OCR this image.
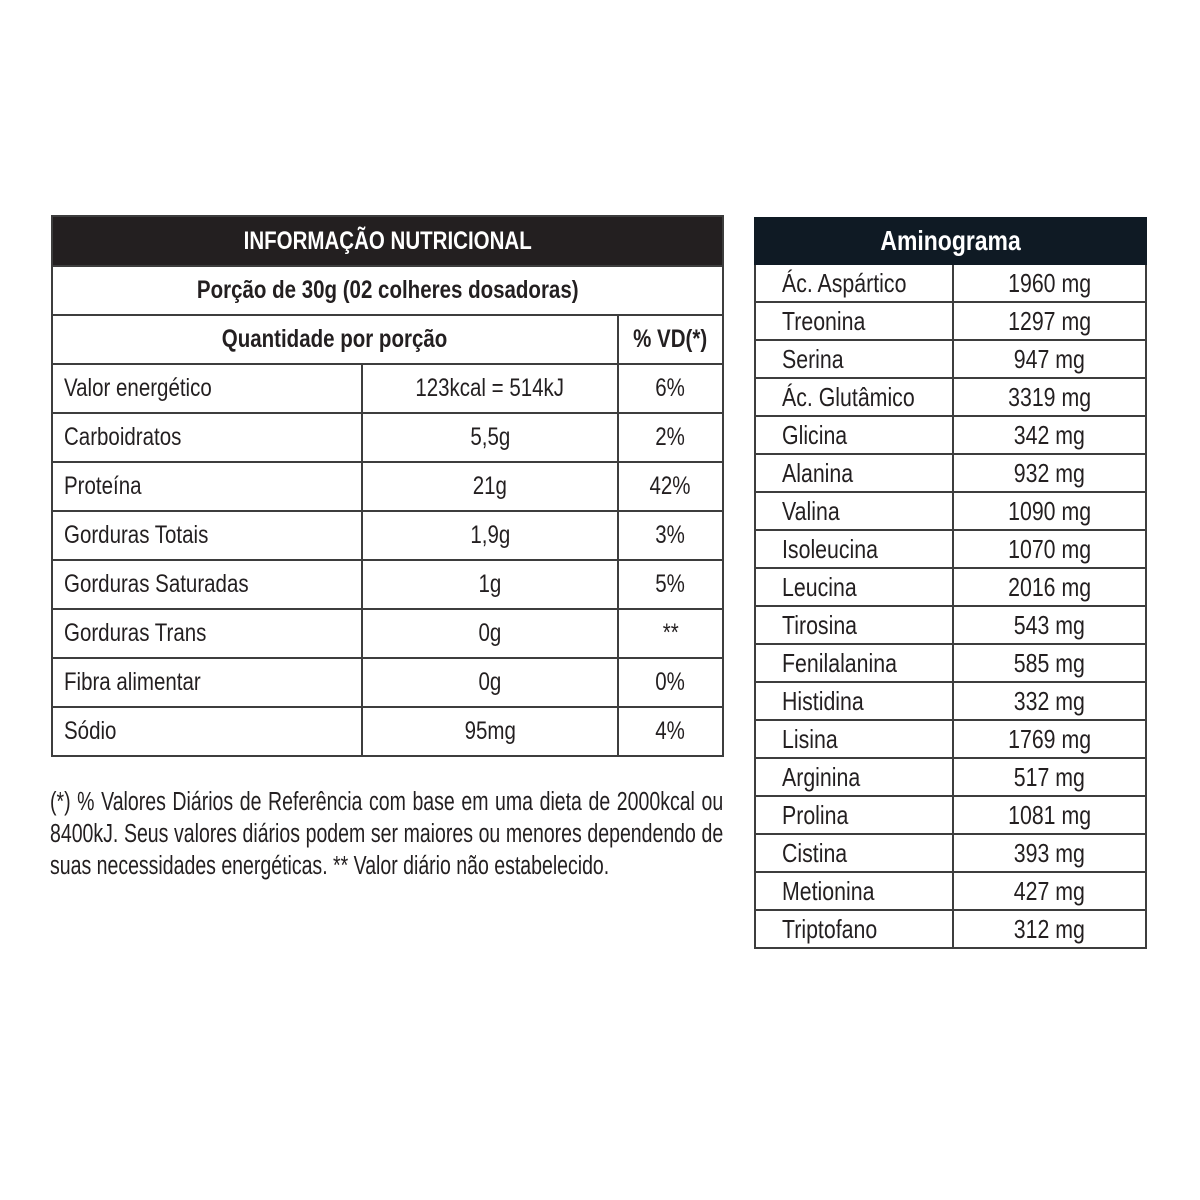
INFORMAÇÃO NUTRICIONAL		
Porção de 30g (02 colheres dosadoras)		
Quantidade por porção		% VD(*)
Valor energético	123kcal = 514kJ	6%
Carboidratos	5,5g	2%
Proteína	21g	42%
Gorduras Totais	1,9g	3%
Gorduras Saturadas	1g	5%
Gorduras Trans	0g	**
Fibra alimentar	0g	0%
Sódio	95mg	4%
(*) % Valores Diários de Referência com base em uma dieta de 2000kcal ou 8400kJ. Seus valores diários podem ser maiores ou menores dependendo de suas necessidades energéticas. ** Valor diário não estabelecido.
Aminograma	
Ác. Aspártico	1960 mg
Treonina	1297 mg
Serina	947 mg
Ác. Glutâmico	3319 mg
Glicina	342 mg
Alanina	932 mg
Valina	1090 mg
Isoleucina	1070 mg
Leucina	2016 mg
Tirosina	543 mg
Fenilalanina	585 mg
Histidina	332 mg
Lisina	1769 mg
Arginina	517 mg
Prolina	1081 mg
Cistina	393 mg
Metionina	427 mg
Triptofano	312 mg
